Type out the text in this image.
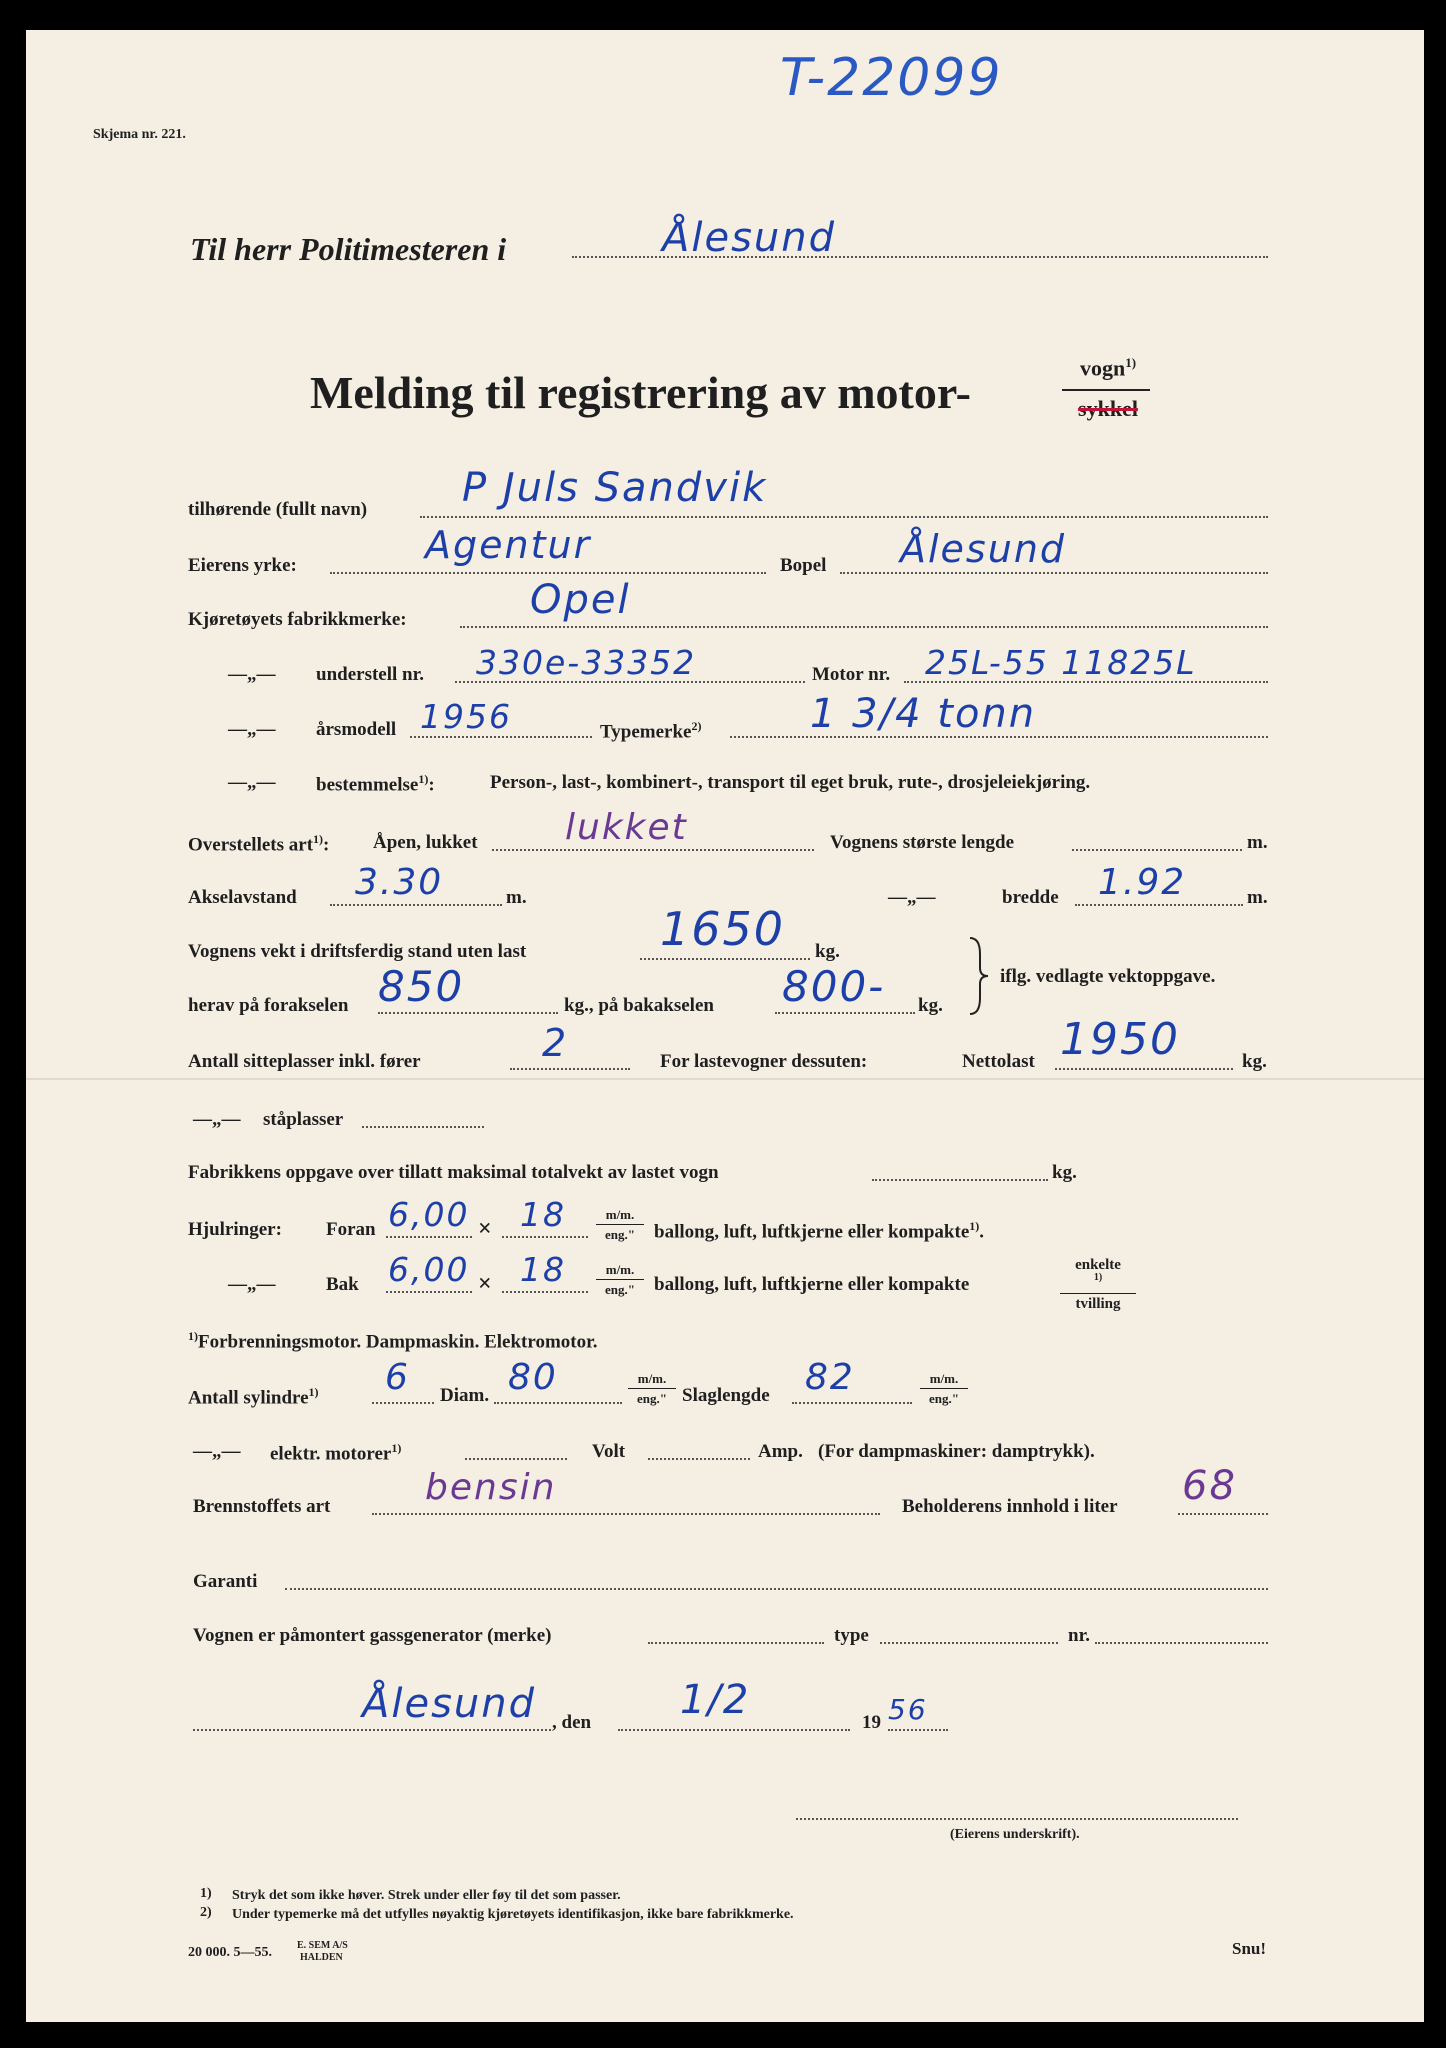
T-22099
Skjema nr. 221.
Til herr Politimesteren i	Ålesund
Melding til registrering av motor-	vogn$^{1)}$
sykkel
tilhørende (fullt navn) P Juls Sandvik
Eierens yrke:	Agentur	Bopel Ålesund
Kjøretøyets fabrikkmerke:	Opel
—„— understell nr. 330e-33352	Motor nr. 25L-55 11825L
—„— årsmodell 1956	Typemerke$^{2)}$	1 3/4 tonn
—„— bestemmelse$^{1)}$:	Person-, last-, kombinert-, transport til eget bruk, rute-, drosjeleiekjøring.
Overstellets art$^{1)}$: Åpen, lukket lukket	Vognens største lengde	m.
Akselavstand 3.30	m.	—„—	bredde 1.92	m.
Vognens vekt i driftsferdig stand uten last	1650 kg.
herav på forakselen 850	kg., på bakakselen 800- kg.
iflg. vedlagte vektoppgave.
Antall sitteplasser inkl. fører	2	For lastevogner dessuten:	Nettolast 1950	kg.
—„— ståplasser
Fabrikkens oppgave over tillatt maksimal totalvekt av lastet vogn	kg.
Hjulringer: Foran 6,00 × 18	m/m.
eng."	ballong, luft, luftkjerne eller kompakte$^{1)}$.
—„—	Bak 6,00 × 18	m/m.
eng."	ballong, luft, luftkjerne eller kompakte
enkelte
$^{1)}$
tvilling
$^{1)}$Forbrenningsmotor. Dampmaskin. Elektromotor.
Antall sylindre$^{1)}$ 6 Diam. 80	m/m.
eng." Slaglengde 82	m/m.
eng."
—„— elektr. motorer$^{1)}$	Volt	Amp. (For dampmaskiner: damptrykk).
Brennstoffets art	bensin	Beholderens innhold i liter 68
Garanti
Vognen er påmontert gassgenerator (merke)	type	nr.
Ålesund , den 1/2	19 56
(Eierens underskrift).
1) Stryk det som ikke høver. Strek under eller føy til det som passer.
2) Under typemerke må det utfylles nøyaktig kjøretøyets identifikasjon, ikke bare fabrikkmerke.
20 000. 5—55.	E. SEM A/S
HALDEN	Snu!
